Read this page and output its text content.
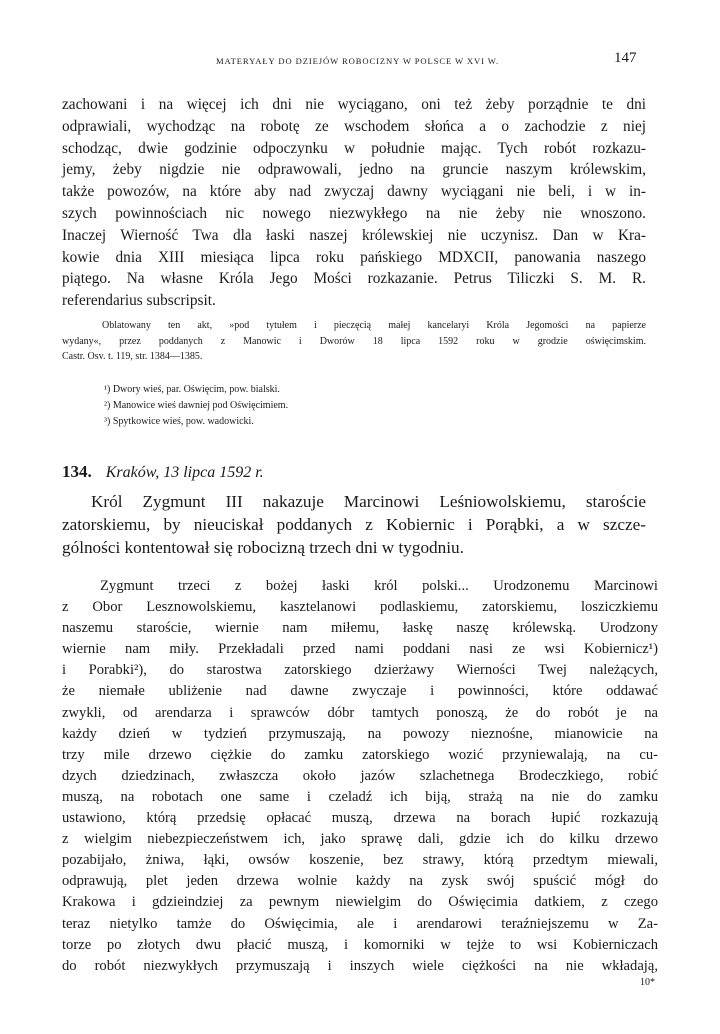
MATERYAŁY DO DZIEJÓW ROBOCIZNY W POLSCE W XVI W.	147
zachowani i na więcej ich dni nie wyciągano, oni też żeby porządnie te dni
odprawiali, wychodząc na robotę ze wschodem słońca a o zachodzie z niej
schodząc, dwie godzinie odpoczynku w południe mając. Tych robót rozkazu-
jemy, żeby nigdzie nie odprawowali, jedno na gruncie naszym królewskim,
także powozów, na które aby nad zwyczaj dawny wyciągani nie beli, i w in-
szych powinnościach nic nowego niezwykłego na nie żeby nie wnoszono.
Inaczej Wierność Twa dla łaski naszej królewskiej nie uczynisz. Dan w Kra-
kowie dnia XIII miesiąca lipca roku pańskiego MDXCII, panowania naszego
piątego. Na własne Króla Jego Mości rozkazanie. Petrus Tiliczki S. M. R.
referendarius subscripsit.
Oblatowany ten akt, »pod tytułem i pieczęcią małej kancelaryi Króla Jegomości na papierze
wydany«, przez poddanych z Manowic i Dworów 18 lipca 1592 roku w grodzie oświęcimskim.
Castr. Osv. t. 119, str. 1384—1385.
¹) Dwory wieś, par. Oświęcim, pow. bialski.
²) Manowice wieś dawniej pod Oświęcimiem.
³) Spytkowice wieś, pow. wadowicki.
134. Kraków, 13 lipca 1592 r.
Król Zygmunt III nakazuje Marcinowi Leśniowolskiemu, staroście
zatorskiemu, by nieuciskał poddanych z Kobiernic i Porąbki, a w szcze-
gólności kontentował się robocizną trzech dni w tygodniu.
Zygmunt trzeci z bożej łaski król polski... Urodzonemu Marcinowi
z Obor Lesznowolskiemu, kasztelanowi podlaskiemu, zatorskiemu, losziczkiemu
naszemu staroście, wiernie nam miłemu, łaskę naszę królewską. Urodzony
wiernie nam miły. Przekładali przed nami poddani nasi ze wsi Kobiernicz¹)
i Porabki²), do starostwa zatorskiego dzierżawy Wierności Twej należących,
że niemałe ubliżenie nad dawne zwyczaje i powinności, które oddawać
zwykli, od arendarza i sprawców dóbr tamtych ponoszą, że do robót je na
każdy dzień w tydzień przymuszają, na powozy nieznośne, mianowicie na
trzy mile drzewo ciężkie do zamku zatorskiego wozić przyniewalają, na cu-
dzych dziedzinach, zwłaszcza około jazów szlachetnega Brodeczkiego, robić
muszą, na robotach one same i czeladź ich biją, strażą na nie do zamku
ustawiono, którą przedsię opłacać muszą, drzewa na borach łupić rozkazują
z wielgim niebezpieczeństwem ich, jako sprawę dali, gdzie ich do kilku drzewo
pozabijało, żniwa, łąki, owsów koszenie, bez strawy, którą przedtym miewali,
odprawują, plet jeden drzewa wolnie każdy na zysk swój spuścić mógł do
Krakowa i gdzieindziej za pewnym niewielgim do Oświęcimia datkiem, z czego
teraz nietylko tamże do Oświęcimia, ale i arendarowi teraźniejszemu w Za-
torze po złotych dwu płacić muszą, i komorniki w tejże to wsi Kobierniczach
do robót niezwykłych przymuszają i inszych wiele ciężkości na nie wkładają,
10*
